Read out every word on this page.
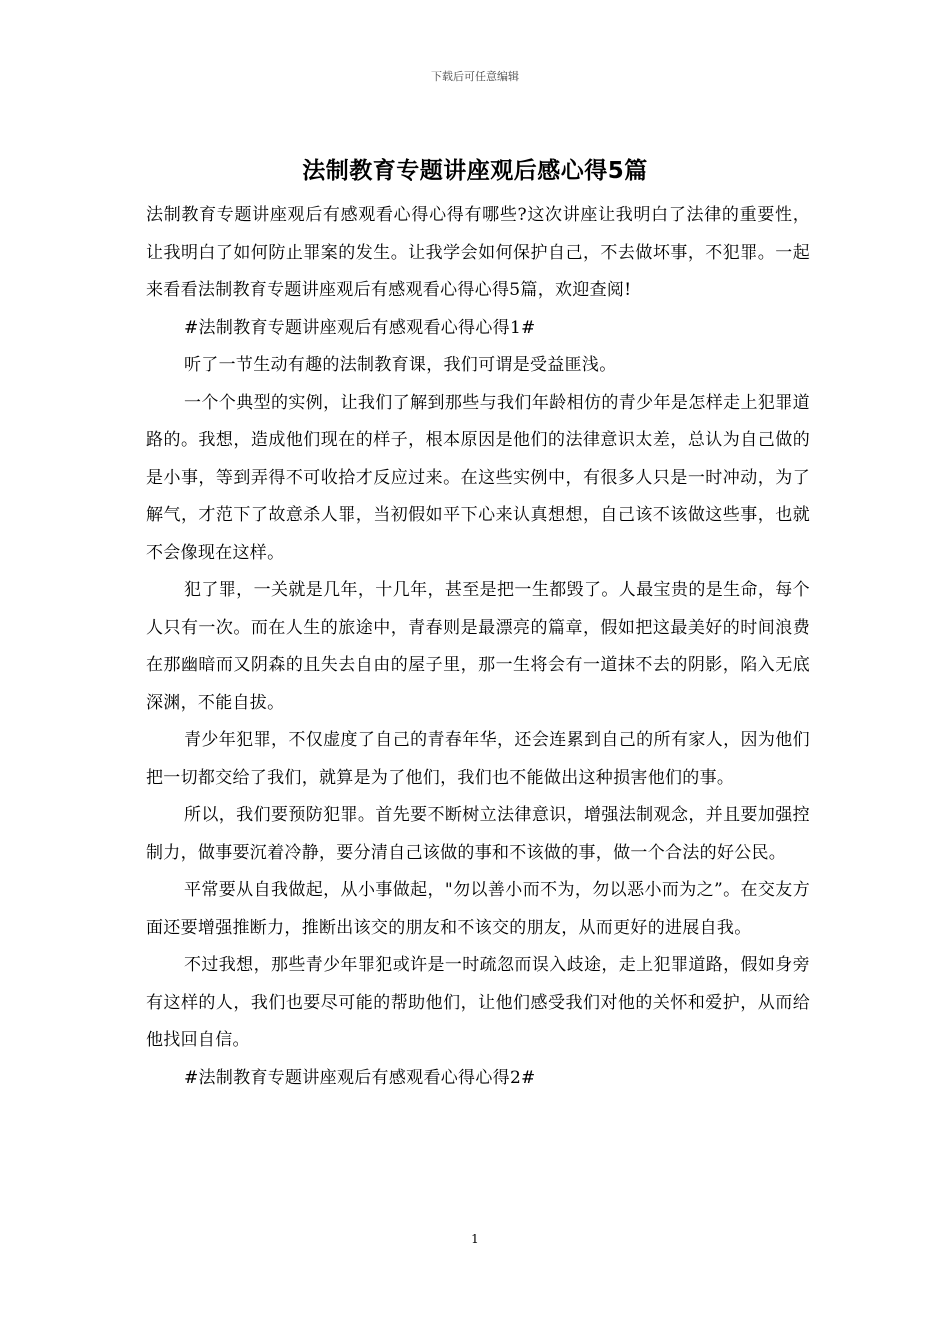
下载后可任意编辑
法制教育专题讲座观后感心得5篇

法制教育专题讲座观后有感观看心得心得有哪些?这次讲座让我明白了法律的重要性，让我明白了如何防止罪案的发生。让我学会如何保护自己，不去做坏事，不犯罪。一起来看看法制教育专题讲座观后有感观看心得心得5篇，欢迎查阅!

#法制教育专题讲座观后有感观看心得心得1#

听了一节生动有趣的法制教育课，我们可谓是受益匪浅。

一个个典型的实例，让我们了解到那些与我们年龄相仿的青少年是怎样走上犯罪道路的。我想，造成他们现在的样子，根本原因是他们的法律意识太差，总认为自己做的是小事，等到弄得不可收拾才反应过来。在这些实例中，有很多人只是一时冲动，为了解气，才范下了故意杀人罪，当初假如平下心来认真想想，自己该不该做这些事，也就不会像现在这样。

犯了罪，一关就是几年，十几年，甚至是把一生都毁了。人最宝贵的是生命，每个人只有一次。而在人生的旅途中，青春则是最漂亮的篇章，假如把这最美好的时间浪费在那幽暗而又阴森的且失去自由的屋子里，那一生将会有一道抹不去的阴影，陷入无底深渊，不能自拔。

青少年犯罪，不仅虚度了自己的青春年华，还会连累到自己的所有家人，因为他们把一切都交给了我们，就算是为了他们，我们也不能做出这种损害他们的事。

所以，我们要预防犯罪。首先要不断树立法律意识，增强法制观念，并且要加强控制力，做事要沉着冷静，要分清自己该做的事和不该做的事，做一个合法的好公民。

平常要从自我做起，从小事做起，"勿以善小而不为，勿以恶小而为之”。在交友方面还要增强推断力，推断出该交的朋友和不该交的朋友，从而更好的进展自我。

不过我想，那些青少年罪犯或许是一时疏忽而误入歧途，走上犯罪道路，假如身旁有这样的人，我们也要尽可能的帮助他们，让他们感受我们对他的关怀和爱护，从而给他找回自信。

#法制教育专题讲座观后有感观看心得心得2#

1
